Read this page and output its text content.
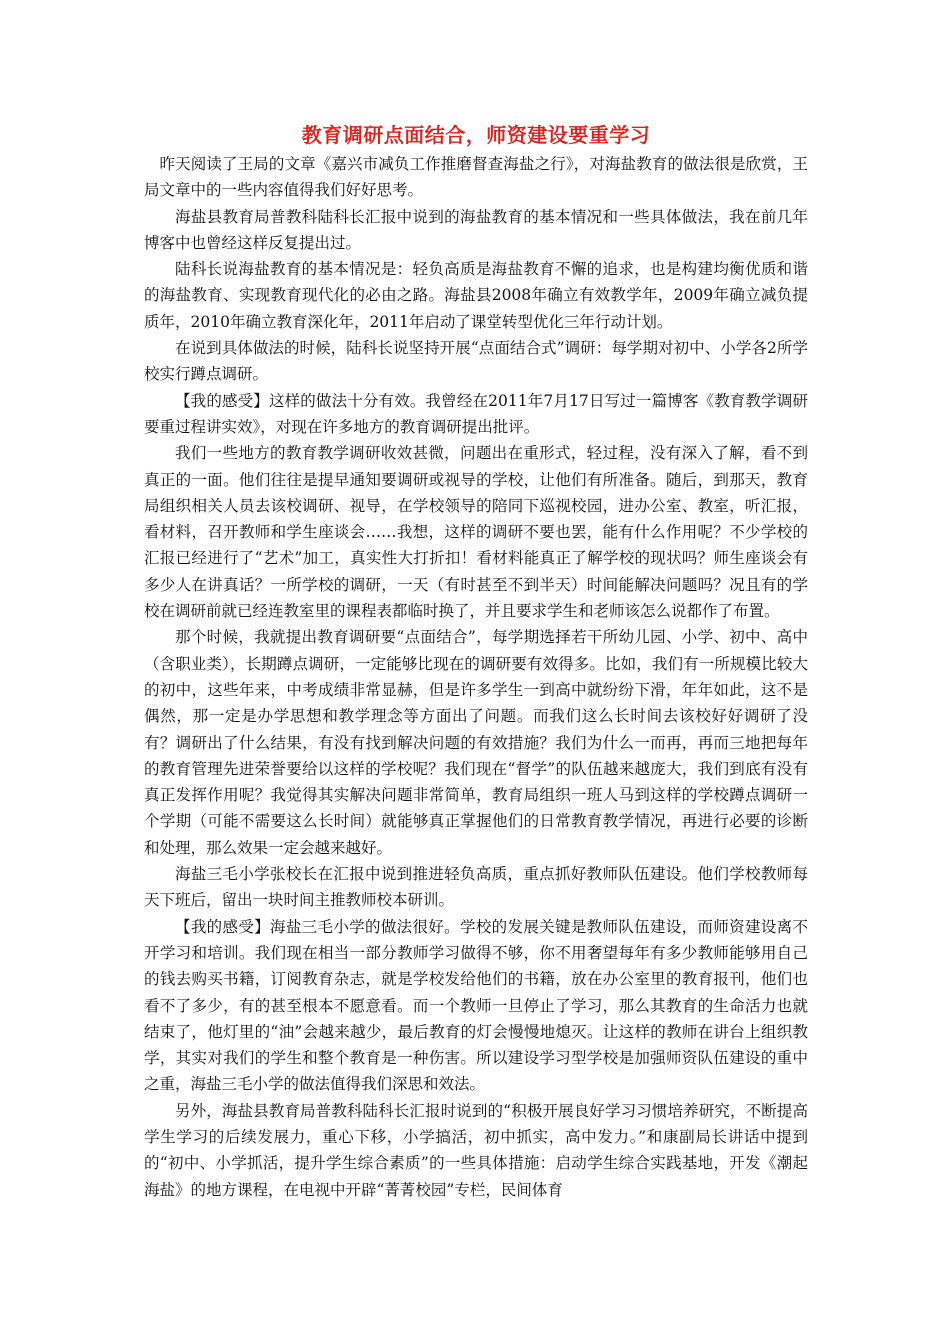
教育调研点面结合，师资建设要重学习

昨天阅读了王局的文章《嘉兴市减负工作推磨督查海盐之行》，对海盐教育的做法很是欣赏，王局文章中的一些内容值得我们好好思考。

海盐县教育局普教科陆科长汇报中说到的海盐教育的基本情况和一些具体做法，我在前几年博客中也曾经这样反复提出过。

陆科长说海盐教育的基本情况是：轻负高质是海盐教育不懈的追求，也是构建均衡优质和谐的海盐教育、实现教育现代化的必由之路。海盐县2008年确立有效教学年，2009年确立减负提质年，2010年确立教育深化年，2011年启动了课堂转型优化三年行动计划。

在说到具体做法的时候，陆科长说坚持开展“点面结合式”调研：每学期对初中、小学各2所学校实行蹲点调研。

【我的感受】这样的做法十分有效。我曾经在2011年7月17日写过一篇博客《教育教学调研要重过程讲实效》，对现在许多地方的教育调研提出批评。

我们一些地方的教育教学调研收效甚微，问题出在重形式，轻过程，没有深入了解，看不到真正的一面。他们往往是提早通知要调研或视导的学校，让他们有所准备。随后，到那天，教育局组织相关人员去该校调研、视导，在学校领导的陪同下巡视校园，进办公室、教室，听汇报，看材料，召开教师和学生座谈会……我想，这样的调研不要也罢，能有什么作用呢？不少学校的汇报已经进行了“艺术”加工，真实性大打折扣！看材料能真正了解学校的现状吗？师生座谈会有多少人在讲真话？一所学校的调研，一天（有时甚至不到半天）时间能解决问题吗？况且有的学校在调研前就已经连教室里的课程表都临时换了，并且要求学生和老师该怎么说都作了布置。

那个时候，我就提出教育调研要“点面结合”，每学期选择若干所幼儿园、小学、初中、高中（含职业类），长期蹲点调研，一定能够比现在的调研要有效得多。比如，我们有一所规模比较大的初中，这些年来，中考成绩非常显赫，但是许多学生一到高中就纷纷下滑，年年如此，这不是偶然，那一定是办学思想和教学理念等方面出了问题。而我们这么长时间去该校好好调研了没有？调研出了什么结果，有没有找到解决问题的有效措施？我们为什么一而再，再而三地把每年的教育管理先进荣誉要给以这样的学校呢？我们现在“督学”的队伍越来越庞大，我们到底有没有真正发挥作用呢？我觉得其实解决问题非常简单，教育局组织一班人马到这样的学校蹲点调研一个学期（可能不需要这么长时间）就能够真正掌握他们的日常教育教学情况，再进行必要的诊断和处理，那么效果一定会越来越好。

海盐三毛小学张校长在汇报中说到推进轻负高质，重点抓好教师队伍建设。他们学校教师每天下班后，留出一块时间主推教师校本研训。

【我的感受】海盐三毛小学的做法很好。学校的发展关键是教师队伍建设，而师资建设离不开学习和培训。我们现在相当一部分教师学习做得不够，你不用奢望每年有多少教师能够用自己的钱去购买书籍，订阅教育杂志，就是学校发给他们的书籍，放在办公室里的教育报刊，他们也看不了多少，有的甚至根本不愿意看。而一个教师一旦停止了学习，那么其教育的生命活力也就结束了，他灯里的“油”会越来越少，最后教育的灯会慢慢地熄灭。让这样的教师在讲台上组织教学，其实对我们的学生和整个教育是一种伤害。所以建设学习型学校是加强师资队伍建设的重中之重，海盐三毛小学的做法值得我们深思和效法。

另外，海盐县教育局普教科陆科长汇报时说到的“积极开展良好学习习惯培养研究，不断提高学生学习的后续发展力，重心下移，小学搞活，初中抓实，高中发力。”和康副局长讲话中提到的“初中、小学抓活，提升学生综合素质”的一些具体措施：启动学生综合实践基地，开发《潮起海盐》的地方课程，在电视中开辟“菁菁校园”专栏，民间体育
